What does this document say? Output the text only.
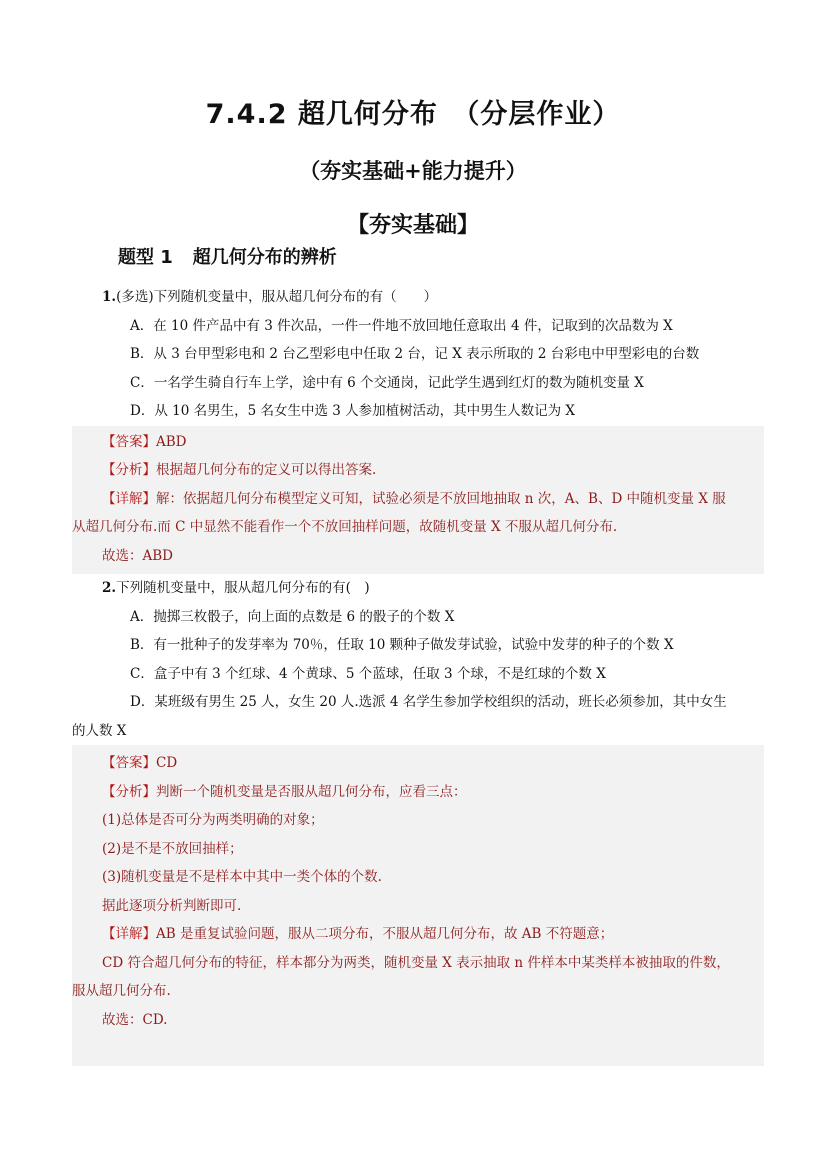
7.4.2 超几何分布　（分层作业）
（夯实基础+能力提升）
【夯实基础】
题型 1 超几何分布的辨析
1.(多选)下列随机变量中，服从超几何分布的有（　　）
A．在 10 件产品中有 3 件次品，一件一件地不放回地任意取出 4 件，记取到的次品数为 X
B．从 3 台甲型彩电和 2 台乙型彩电中任取 2 台，记 X 表示所取的 2 台彩电中甲型彩电的台数
C．一名学生骑自行车上学，途中有 6 个交通岗，记此学生遇到红灯的数为随机变量 X
D．从 10 名男生，5 名女生中选 3 人参加植树活动，其中男生人数记为 X
【答案】ABD
【分析】根据超几何分布的定义可以得出答案.
【详解】解：依据超几何分布模型定义可知，试验必须是不放回地抽取 n 次，A、B、D 中随机变量 X 服
从超几何分布.而 C 中显然不能看作一个不放回抽样问题，故随机变量 X 不服从超几何分布.
故选：ABD
2.下列随机变量中，服从超几何分布的有(　)
A．抛掷三枚骰子，向上面的点数是 6 的骰子的个数 X
B．有一批种子的发芽率为 70％，任取 10 颗种子做发芽试验，试验中发芽的种子的个数 X
C．盒子中有 3 个红球、4 个黄球、5 个蓝球，任取 3 个球，不是红球的个数 X
D．某班级有男生 25 人，女生 20 人.选派 4 名学生参加学校组织的活动，班长必须参加，其中女生
的人数 X
【答案】CD
【分析】判断一个随机变量是否服从超几何分布，应看三点：
(1)总体是否可分为两类明确的对象；
(2)是不是不放回抽样；
(3)随机变量是不是样本中其中一类个体的个数.
据此逐项分析判断即可.
【详解】AB 是重复试验问题，服从二项分布，不服从超几何分布，故 AB 不符题意；
CD 符合超几何分布的特征，样本都分为两类，随机变量 X 表示抽取 n 件样本中某类样本被抽取的件数，
服从超几何分布.
故选：CD.
